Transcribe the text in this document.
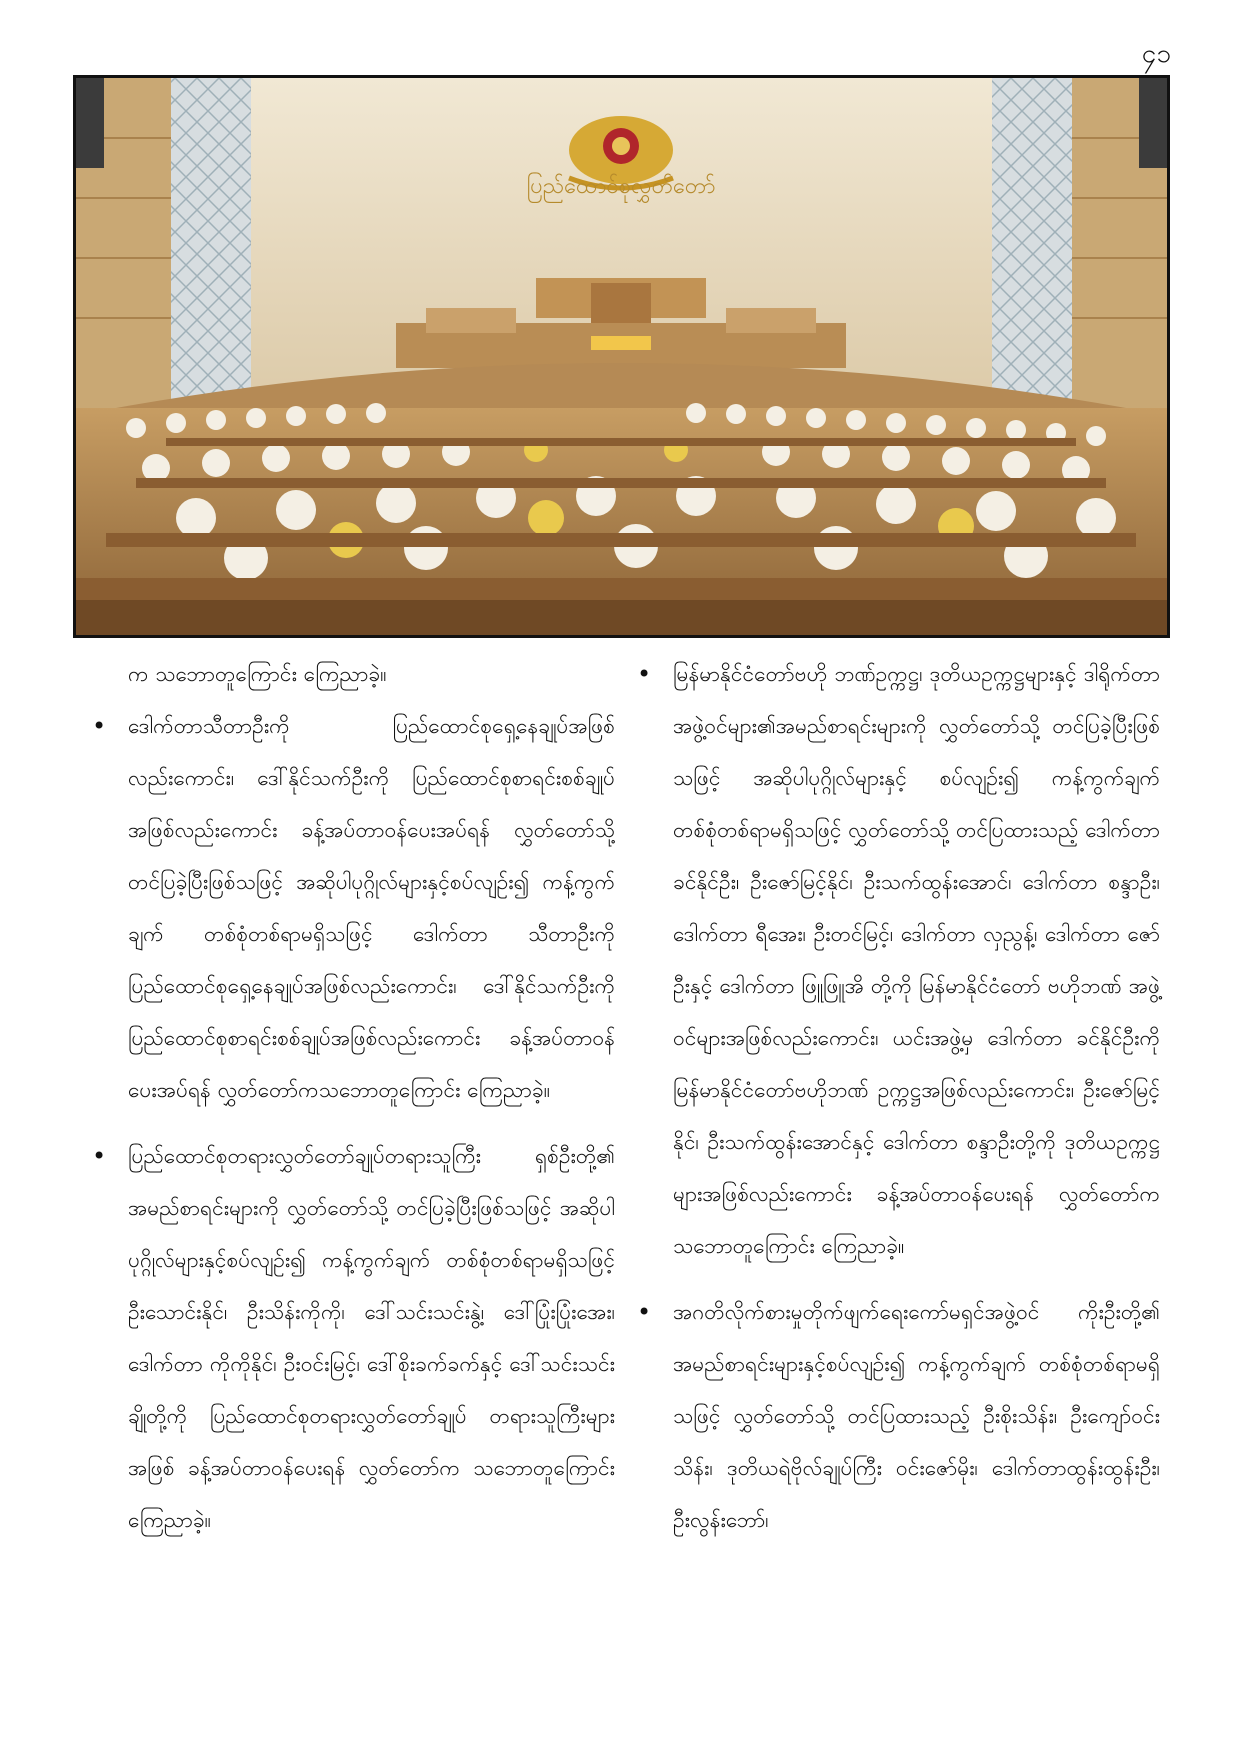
၄၁
ပြည်ထောင်စုလွှတ်တော်

က သဘောတူကြောင်း ကြေညာခဲ့။

• ဒေါက်တာသီတာဦးကို ပြည်ထောင်စုရှေ့နေချုပ်အဖြစ်လည်းကောင်း၊ ဒေါ်နိုင်သက်ဦးကို ပြည်ထောင်စုစာရင်းစစ်ချုပ်အဖြစ်လည်းကောင်း ခန့်အပ်တာဝန်ပေးအပ်ရန် လွှတ်တော်သို့ တင်ပြခဲ့ပြီးဖြစ်သဖြင့် အဆိုပါပုဂ္ဂိုလ်များနှင့်စပ်လျဉ်း၍ ကန့်ကွက်ချက် တစ်စုံတစ်ရာမရှိသဖြင့် ဒေါက်တာ သီတာဦးကို ပြည်ထောင်စုရှေ့နေချုပ်အဖြစ်လည်းကောင်း၊ ဒေါ်နိုင်သက်ဦးကို ပြည်ထောင်စုစာရင်းစစ်ချုပ်အဖြစ်လည်းကောင်း ခန့်အပ်တာဝန်ပေးအပ်ရန် လွှတ်တော်ကသဘောတူကြောင်း ကြေညာခဲ့။

• ပြည်ထောင်စုတရားလွှတ်တော်ချုပ်တရားသူကြီး ရှစ်ဦးတို့၏ အမည်စာရင်းများကို လွှတ်တော်သို့ တင်ပြခဲ့ပြီးဖြစ်သဖြင့် အဆိုပါပုဂ္ဂိုလ်များနှင့်စပ်လျဉ်း၍ ကန့်ကွက်ချက် တစ်စုံတစ်ရာမရှိသဖြင့် ဦးသောင်းနိုင်၊ ဦးသိန်းကိုကို၊ ဒေါ်သင်းသင်းနွဲ့၊ ဒေါ်ပြုံးပြုံးအေး၊ ဒေါက်တာ ကိုကိုနိုင်၊ ဦးဝင်းမြင့်၊ ဒေါ်စိုးခက်ခက်နှင့် ဒေါ်သင်းသင်းချိုတို့ကို ပြည်ထောင်စုတရားလွှတ်တော်ချုပ် တရားသူကြီးများအဖြစ် ခန့်အပ်တာဝန်ပေးရန် လွှတ်တော်က သဘောတူကြောင်း ကြေညာခဲ့။

• မြန်မာနိုင်ငံတော်ဗဟို ဘဏ်ဥက္ကဋ္ဌ၊ ဒုတိယဥက္ကဋ္ဌများနှင့် ဒါရိုက်တာအဖွဲ့ဝင်များ၏အမည်စာရင်းများကို လွှတ်တော်သို့ တင်ပြခဲ့ပြီးဖြစ်သဖြင့် အဆိုပါပုဂ္ဂိုလ်များနှင့် စပ်လျဉ်း၍ ကန့်ကွက်ချက် တစ်စုံတစ်ရာမရှိသဖြင့် လွှတ်တော်သို့ တင်ပြထားသည့် ဒေါက်တာ ခင်နိုင်ဦး၊ ဦးဇော်မြင့်နိုင်၊ ဦးသက်ထွန်းအောင်၊ ဒေါက်တာ စန္ဒာဦး၊ ဒေါက်တာ ရီအေး၊ ဦးတင်မြင့်၊ ဒေါက်တာ လှညွန့်၊ ဒေါက်တာ ဇော်ဦးနှင့် ဒေါက်တာ ဖြူဖြူအိ တို့ကို မြန်မာနိုင်ငံတော် ဗဟိုဘဏ် အဖွဲ့ဝင်များအဖြစ်လည်းကောင်း၊ ယင်းအဖွဲ့မှ ဒေါက်တာ ခင်နိုင်ဦးကို မြန်မာနိုင်ငံတော်ဗဟိုဘဏ် ဥက္ကဋ္ဌအဖြစ်လည်းကောင်း၊ ဦးဇော်မြင့်နိုင်၊ ဦးသက်ထွန်းအောင်နှင့် ဒေါက်တာ စန္ဒာဦးတို့ကို ဒုတိယဥက္ကဋ္ဌများအဖြစ်လည်းကောင်း ခန့်အပ်တာဝန်ပေးရန် လွှတ်တော်က သဘောတူကြောင်း ကြေညာခဲ့။

• အဂတိလိုက်စားမှုတိုက်ဖျက်ရေးကော်မရှင်အဖွဲ့ဝင် ကိုးဦးတို့၏ အမည်စာရင်းများနှင့်စပ်လျဉ်း၍ ကန့်ကွက်ချက် တစ်စုံတစ်ရာမရှိသဖြင့် လွှတ်တော်သို့ တင်ပြထားသည့် ဦးစိုးသိန်း၊ ဦးကျော်ဝင်းသိန်း၊ ဒုတိယရဲဗိုလ်ချုပ်ကြီး ဝင်းဇော်မိုး၊ ဒေါက်တာထွန်းထွန်းဦး၊ ဦးလွန်းဘော်၊
